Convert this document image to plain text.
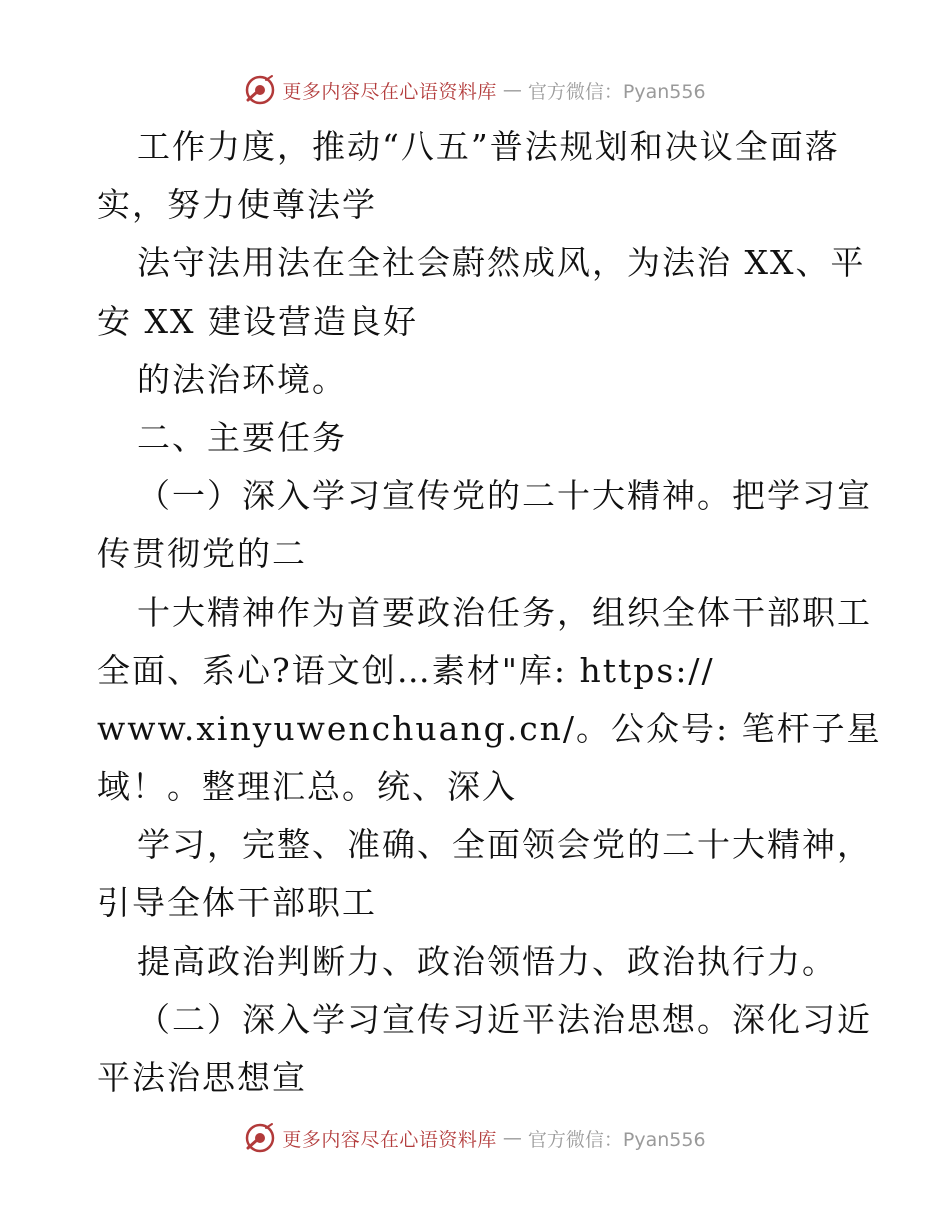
更多内容尽在心语资料库 — 官方微信：Pyan556
工作力度，推动“八五”普法规划和决议全面落
实，努力使尊法学
法守法用法在全社会蔚然成风，为法治 XX、平
安 XX 建设营造良好
的法治环境。
二、主要任务
（一）深入学习宣传党的二十大精神。把学习宣
传贯彻党的二
十大精神作为首要政治任务，组织全体干部职工
全面、系心?语文创…素材"库: https://
www.xinyuwenchuang.cn/。公众号: 笔杆子星
域！。整理汇总。统、深入
学习，完整、准确、全面领会党的二十大精神，
引导全体干部职工
提高政治判断力、政治领悟力、政治执行力。
（二）深入学习宣传习近平法治思想。深化习近
平法治思想宣
更多内容尽在心语资料库 — 官方微信：Pyan556
